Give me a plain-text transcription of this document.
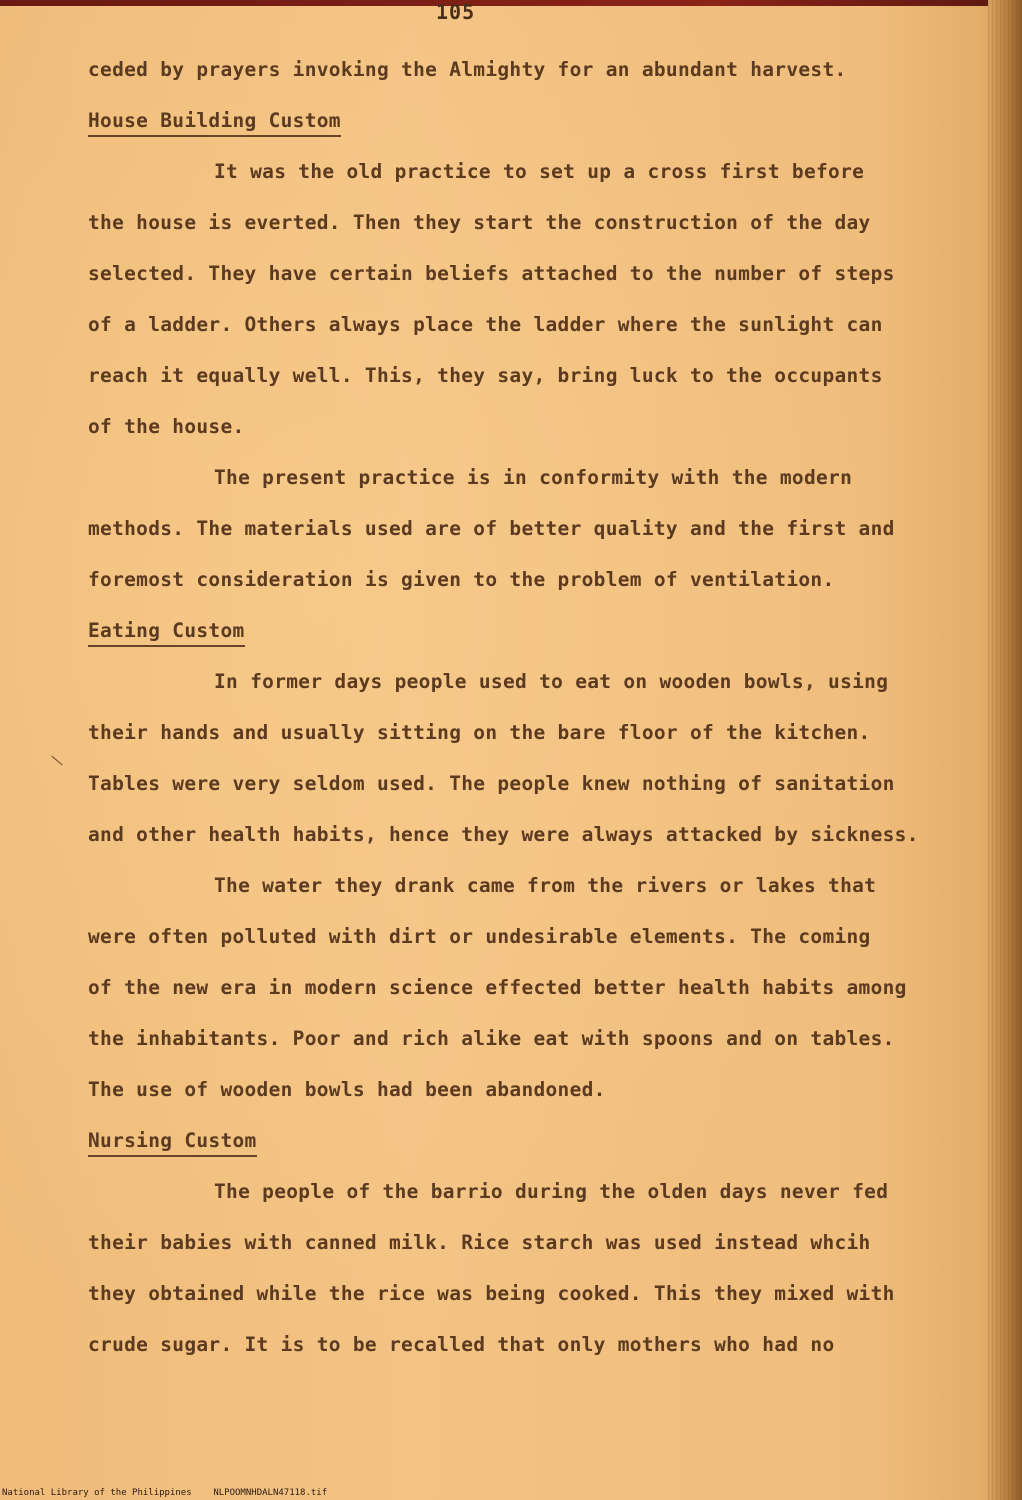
105
ceded by prayers invoking the Almighty for an abundant harvest.
House Building Custom
It was the old practice to set up a cross first before
the house is everted. Then they start the construction of the day
selected. They have certain beliefs attached to the number of steps
of a ladder. Others always place the ladder where the sunlight can
reach it equally well. This, they say, bring luck to the occupants
of the house.
The present practice is in conformity with the modern
methods. The materials used are of better quality and the first and
foremost consideration is given to the problem of ventilation.
Eating Custom
In former days people used to eat on wooden bowls, using
their hands and usually sitting on the bare floor of the kitchen.
Tables were very seldom used. The people knew nothing of sanitation
and other health habits, hence they were always attacked by sickness.
The water they drank came from the rivers or lakes that
were often polluted with dirt or undesirable elements. The coming
of the new era in modern science effected better health habits among
the inhabitants. Poor and rich alike eat with spoons and on tables.
The use of wooden bowls had been abandoned.
Nursing Custom
The people of the barrio during the olden days never fed
their babies with canned milk. Rice starch was used instead whcih
they obtained while the rice was being cooked. This they mixed with
crude sugar. It is to be recalled that only mothers who had no
National Library of the Philippines NLPOOMNHDALN47118.tif
